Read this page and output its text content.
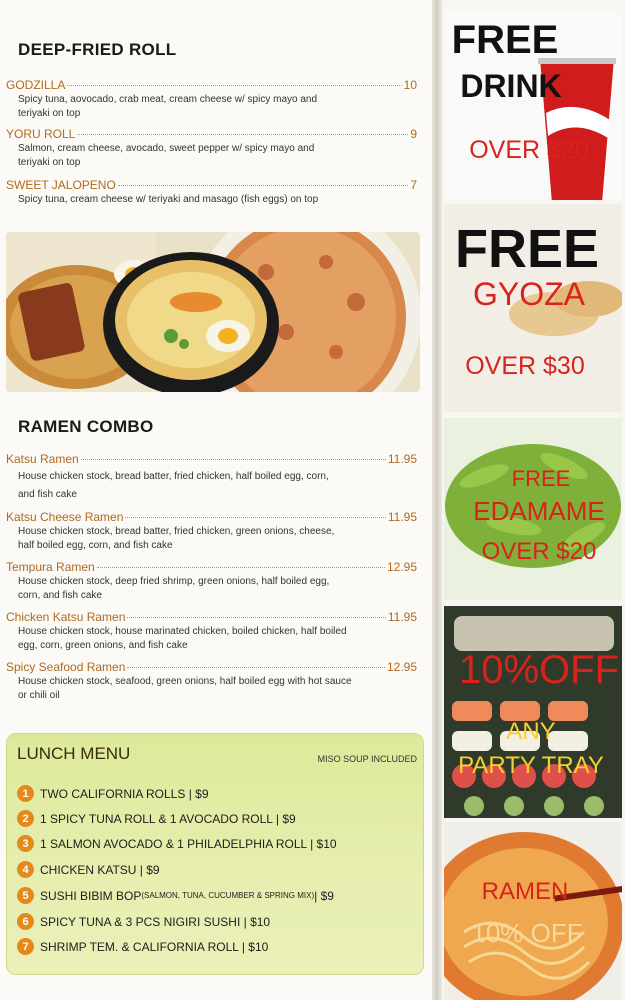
DEEP-FRIED ROLL
GODZILLA	10
Spicy tuna, aovocado, crab meat, cream cheese w/ spicy mayo and
teriyaki on top
YORU ROLL	9
Salmon, cream cheese, avocado, sweet pepper w/ spicy mayo and
teriyaki on top
SWEET JALOPENO	7
Spicy tuna, cream cheese w/ teriyaki and masago (fish eggs) on top
RAMEN COMBO
Katsu Ramen	11.95
House chicken stock, bread batter, fried chicken, half boiled egg, corn,
and fish cake
Katsu Cheese Ramen	11.95
House chicken stock, bread batter, fried chicken, green onions, cheese,
half boiled egg, corn, and fish cake
Tempura Ramen	12.95
House chicken stock, deep fried shrimp, green onions, half boiled egg,
corn, and fish cake
Chicken Katsu Ramen	11.95
House chicken stock, house marinated chicken, boiled chicken, half boiled
egg, corn, green onions, and fish cake
Spicy Seafood Ramen	12.95
House chicken stock, seafood, green onions, half boiled egg with hot sauce
or chili oil
LUNCH MENU	MISO SOUP INCLUDED
1 TWO CALIFORNIA ROLLS | $9
2 1 SPICY TUNA ROLL & 1 AVOCADO ROLL | $9
3 1 SALMON AVOCADO & 1 PHILADELPHIA ROLL | $10
4 CHICKEN KATSU | $9
5 SUSHI BIBIM BOP (SALMON, TUNA, CUCUMBER & SPRING MIX) | $9
6 SPICY TUNA & 3 PCS NIGIRI SUSHI | $10
7 SHRIMP TEM. & CALIFORNIA ROLL | $10
FREE
DRINK
OVER $20
FREE
GYOZA
OVER $30
FREE
EDAMAME
OVER $20
10%OFF
ANY
PARTY TRAY
RAMEN
10% OFF
